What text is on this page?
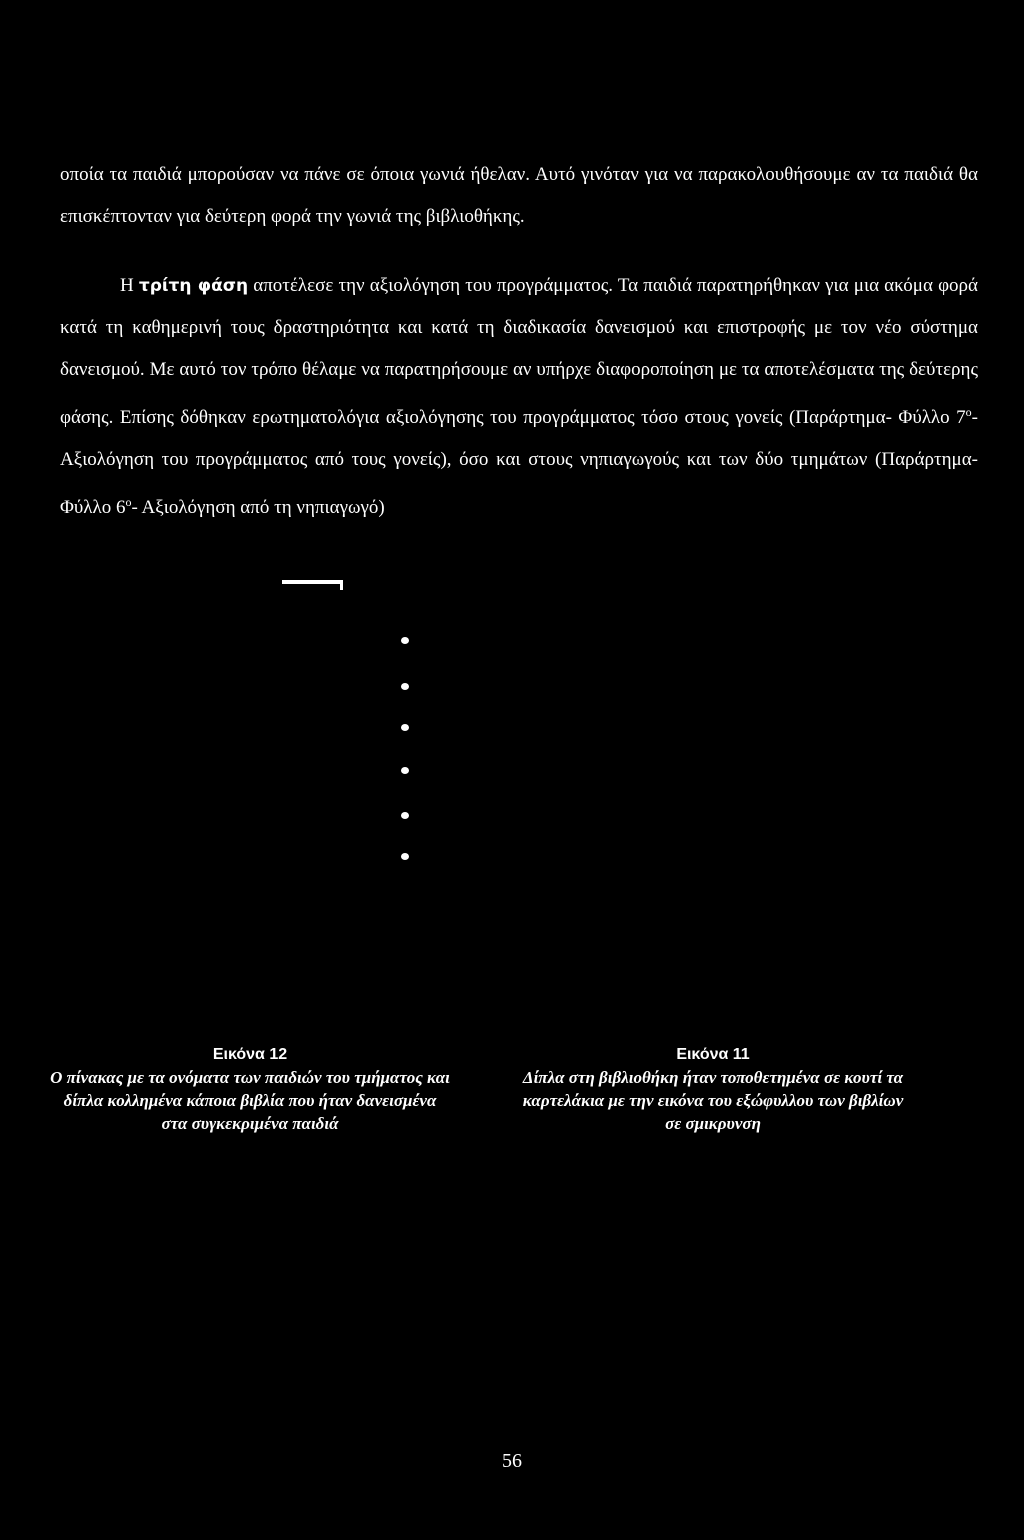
οποία τα παιδιά μπορούσαν να πάνε σε όποια γωνιά ήθελαν. Αυτό γινόταν για να παρακολουθήσουμε αν τα παιδιά θα επισκέπτονταν για δεύτερη φορά την γωνιά της βιβλιοθήκης.

Η τρίτη φάση αποτέλεσε την αξιολόγηση του προγράμματος. Τα παιδιά παρατηρήθηκαν για μια ακόμα φορά κατά τη καθημερινή τους δραστηριότητα και κατά τη διαδικασία δανεισμού και επιστροφής με τον νέο σύστημα δανεισμού. Με αυτό τον τρόπο θέλαμε να παρατηρήσουμε αν υπήρχε διαφοροποίηση με τα αποτελέσματα της δεύτερης φάσης. Επίσης δόθηκαν ερωτηματολόγια αξιολόγησης του προγράμματος τόσο στους γονείς (Παράρτημα- Φύλλο $7^o-$ Αξιολόγηση του προγράμματος από τους γονείς), όσο και στους νηπιαγωγούς και των δύο τμημάτων (Παράρτημα- Φύλλο $6^o-$ Αξιολόγηση από τη νηπιαγωγό)

Εικόνα 12
Ο πίνακας με τα ονόματα των παιδιών του τμήματος και δίπλα κολλημένα κάποια βιβλία που ήταν δανεισμένα στα συγκεκριμένα παιδιά
Εικόνα 11
Δίπλα στη βιβλιοθήκη ήταν τοποθετημένα σε κουτί τα καρτελάκια με την εικόνα του εξώφυλλου των βιβλίων σε σμικρυνση
56
